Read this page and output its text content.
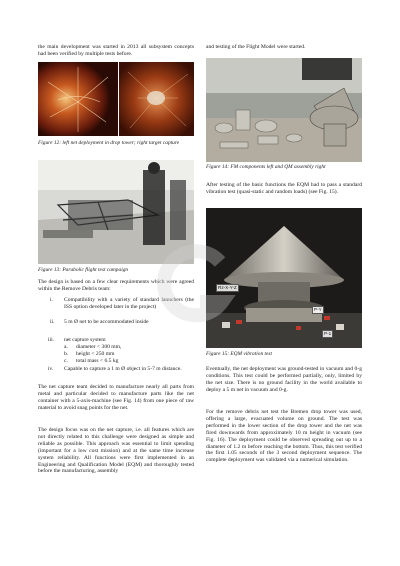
the main development was started in 2013 all subsystem concepts had been verified by multiple tests before.

Figure 12: left net deployment in drop tower; right target capture

Figure 13: Parabolic flight test campaign

The design is based on a few clear requirements which were agreed within the Remove Debris team:

i. Compatibility with a variety of standard launchers (the ISS option developed later in the project)

ii. 5 m Ø net to be accommodated inside

iii. net capture system

a. diameter < 300 mm,

b. height < 250 mm

c. total mass < 6.5 kg

iv. Capable to capture a 1 m Ø object in 5-7 m distance.

The net capture team decided to manufacture nearly all parts from metal and particular decided to manufacture parts like the net container with a 5-axis-machine (see Fig. 14) from one piece of raw material to avoid snag points for the net.

The design focus was on the net capture, i.e. all features which are not directly related to this challenge were designed as simple and reliable as possible. This approach was essential to limit spending (important for a low cost mission) and at the same time increase system reliability. All functions were first implemented in an Engineering and Qualification Model (EQM) and thoroughly tested before the manufacturing, assembly

and testing of the Flight Model were started.

Figure 14: FM components left and QM assembly right

After testing of the basic functions the EQM had to pass a standard vibration test (quasi-static and random loads) (see Fig. 15).

Rz-X-Y-Z
P-Y
P-1

Figure 15: EQM vibration test

Eventually, the net deployment was ground-tested in vacuum and 0-g conditions. This test could be performed partially, only, limited by the net size. There is no ground facility in the world available to deploy a 5 m net in vacuum and 0-g.

For the remove debris net test the Bremen drop tower was used, offering a large, evacuated volume on ground. The test was performed in the lower section of the drop tower and the net was fired downwards from approximately 10 m height in vacuum (see Fig. 16). The deployment could be observed spreading out up to a diameter of 1.2 m before reaching the bottom. Thus, this test verified the first 1.05 seconds of the 3 second deployment sequence. The complete deployment was validated via a numerical simulation.
